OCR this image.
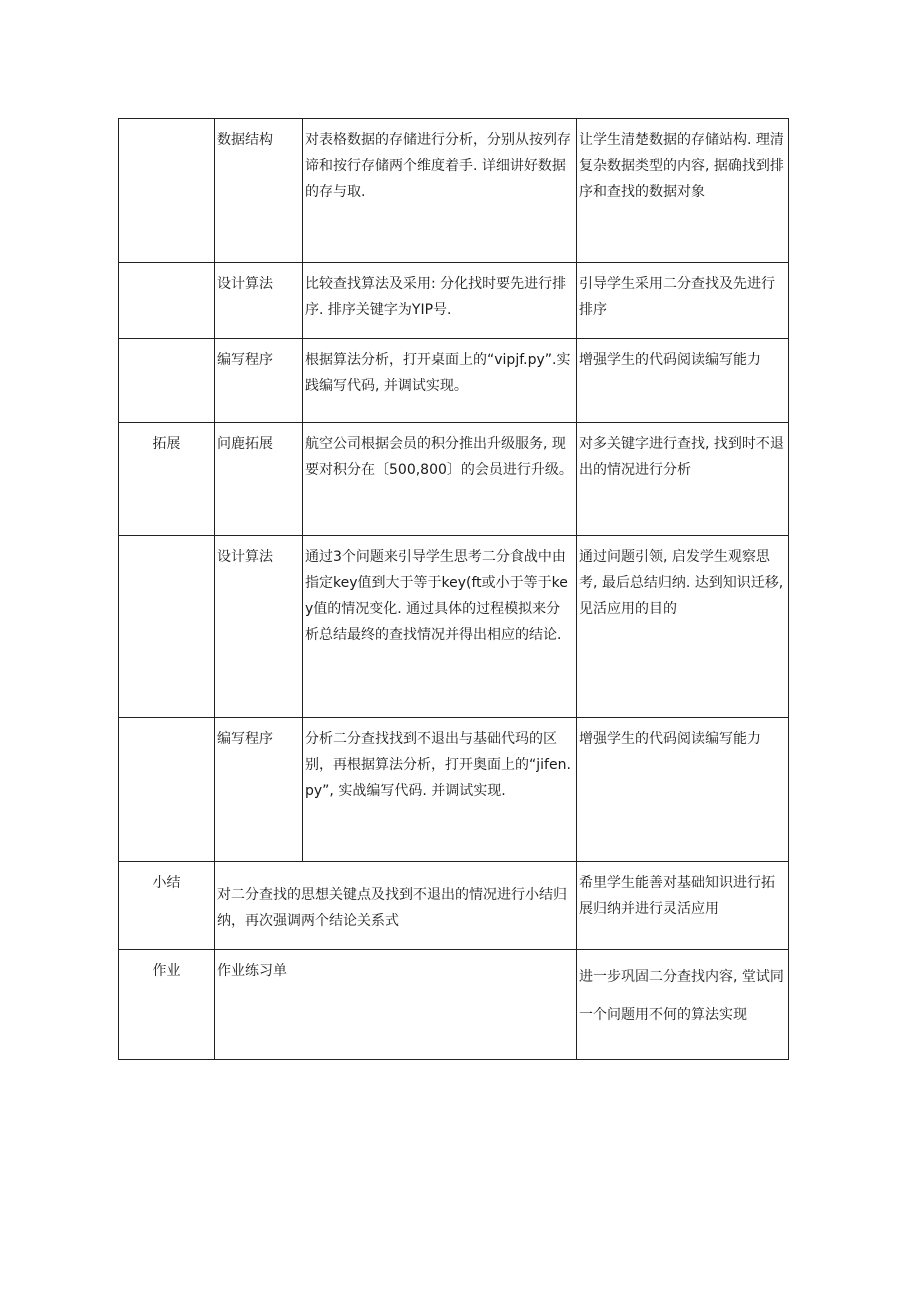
	数据结构	对表格数据的存储进行分析，分别从按列存谛和按行存储两个维度着手. 详细讲好数据的存与取.	让学生清楚数据的存储站构. 理清复杂数据类型的内容, 据确找到排序和查找的数据对象

	设计算法	比较查找算法及采用: 分化找时要先进行排序. 排序关键字为YIP号.	引导学生采用二分查找及先进行排序

	编写程序	根据算法分析，打开桌面上的“vipjf.py”.实践编写代码, 并调试实现。	增强学生的代码阅读编写能力

拓展	问鹿拓展	航空公司根据会员的积分推出升级服务, 现要对积分在〔500,800〕的会员进行升级。	对多关键字进行查找, 找到时不退出的情况进行分析

	设计算法	通过3个问题来引导学生思考二分食战中由指定key值到大于等于key(ft或小于等于key值的情况变化. 通过具体的过程模拟来分析总结最终的查找情况并得出相应的结论.	通过问题引领, 启发学生观察思考, 最后总结归纳. 达到知识迁移, 见活应用的目的

	编写程序	分析二分查找找到不退出与基础代玛的区别，再根据算法分析，打开奥面上的“jifen.py”, 实战编写代码. 并调试实现.	增强学生的代码阅读编写能力

小结	对二分查找的思想关键点及找到不退出的情况进行小结归纳，再次强调两个结论关系式		希里学生能善对基础知识进行拓展归纳并进行灵活应用

作业	作业练习单		进一步巩固二分查找内容, 堂试同一个问题用不何的算法实现
